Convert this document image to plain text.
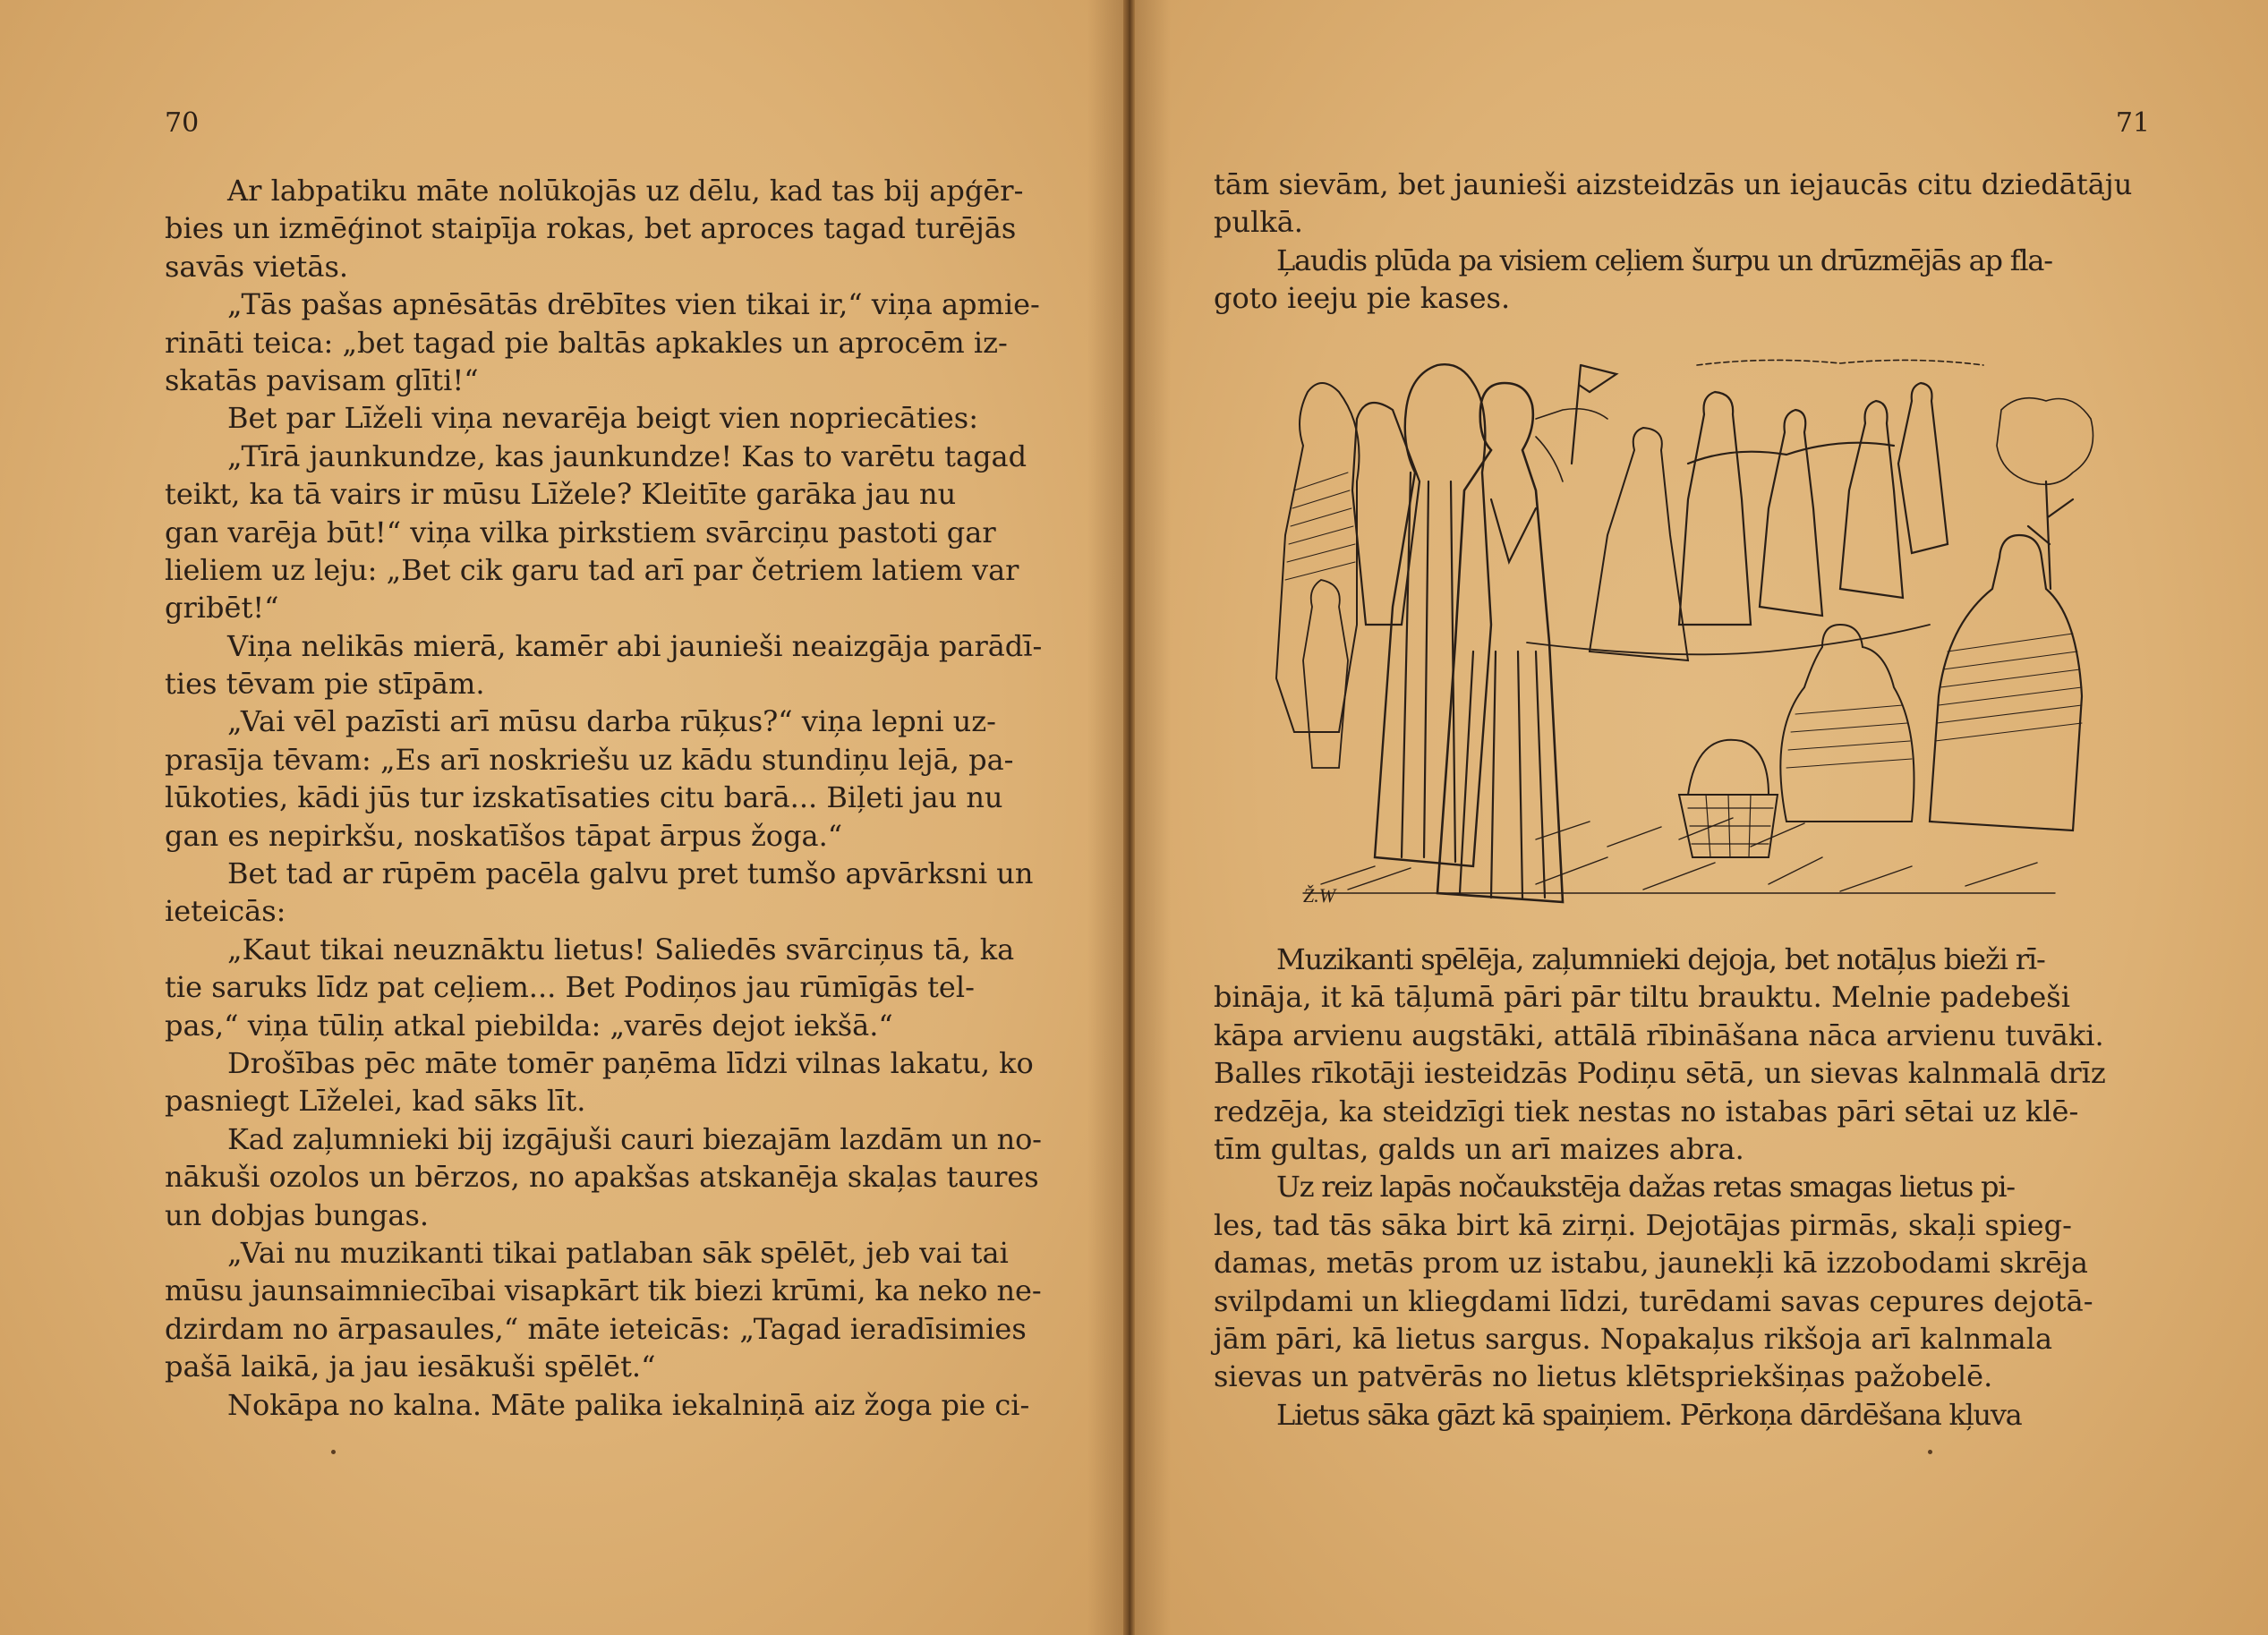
70
Ar labpatiku māte nolūkojās uz dēlu, kad tas bij apģēr-
bies un izmēģinot staipīja rokas, bet aproces tagad turējās
savās vietās.
„Tās pašas apnēsātās drēbītes vien tikai ir,“ viņa apmie-
rināti teica: „bet tagad pie baltās apkakles un aprocēm iz-
skatās pavisam glīti!“
Bet par Līželi viņa nevarēja beigt vien nopriecāties:
„Tīrā jaunkundze, kas jaunkundze! Kas to varētu tagad
teikt, ka tā vairs ir mūsu Līžele? Kleitīte garāka jau nu
gan varēja būt!“ viņa vilka pirkstiem svārciņu pastoti gar
lieliem uz leju: „Bet cik garu tad arī par četriem latiem var
gribēt!“
Viņa nelikās mierā, kamēr abi jaunieši neaizgāja parādī-
ties tēvam pie stīpām.
„Vai vēl pazīsti arī mūsu darba rūķus?“ viņa lepni uz-
prasīja tēvam: „Es arī noskriešu uz kādu stundiņu lejā, pa-
lūkoties, kādi jūs tur izskatīsaties citu barā... Biļeti jau nu
gan es nepirkšu, noskatīšos tāpat ārpus žoga.“
Bet tad ar rūpēm pacēla galvu pret tumšo apvārksni un
ieteicās:
„Kaut tikai neuznāktu lietus! Saliedēs svārciņus tā, ka
tie saruks līdz pat ceļiem... Bet Podiņos jau rūmīgās tel-
pas,“ viņa tūliņ atkal piebilda: „varēs dejot iekšā.“
Drošības pēc māte tomēr paņēma līdzi vilnas lakatu, ko
pasniegt Līželei, kad sāks līt.
Kad zaļumnieki bij izgājuši cauri biezajām lazdām un no-
nākuši ozolos un bērzos, no apakšas atskanēja skaļas taures
un dobjas bungas.
„Vai nu muzikanti tikai patlaban sāk spēlēt, jeb vai tai
mūsu jaunsaimniecībai visapkārt tik biezi krūmi, ka neko ne-
dzirdam no ārpasaules,“ māte ieteicās: „Tagad ieradīsimies
pašā laikā, ja jau iesākuši spēlēt.“
Nokāpa no kalna. Māte palika iekalniņā aiz žoga pie ci-
71
tām sievām, bet jaunieši aizsteidzās un iejaucās citu dziedātāju
pulkā.
Ļaudis plūda pa visiem ceļiem šurpu un drūzmējās ap fla-
goto ieeju pie kases.
Ž.W
Muzikanti spēlēja, zaļumnieki dejoja, bet notāļus bieži rī-
bināja, it kā tāļumā pāri pār tiltu brauktu. Melnie padebeši
kāpa arvienu augstāki, attālā rībināšana nāca arvienu tuvāki.
Balles rīkotāji iesteidzās Podiņu sētā, un sievas kalnmalā drīz
redzēja, ka steidzīgi tiek nestas no istabas pāri sētai uz klē-
tīm gultas, galds un arī maizes abra.
Uz reiz lapās nočaukstēja dažas retas smagas lietus pi-
les, tad tās sāka birt kā zirņi. Dejotājas pirmās, skaļi spieg-
damas, metās prom uz istabu, jaunekļi kā izzobodami skrēja
svilpdami un kliegdami līdzi, turēdami savas cepures dejotā-
jām pāri, kā lietus sargus. Nopakaļus rikšoja arī kalnmala
sievas un patvērās no lietus klētspriekšiņas pažobelē.
Lietus sāka gāzt kā spaiņiem. Pērkoņa dārdēšana kļuva
